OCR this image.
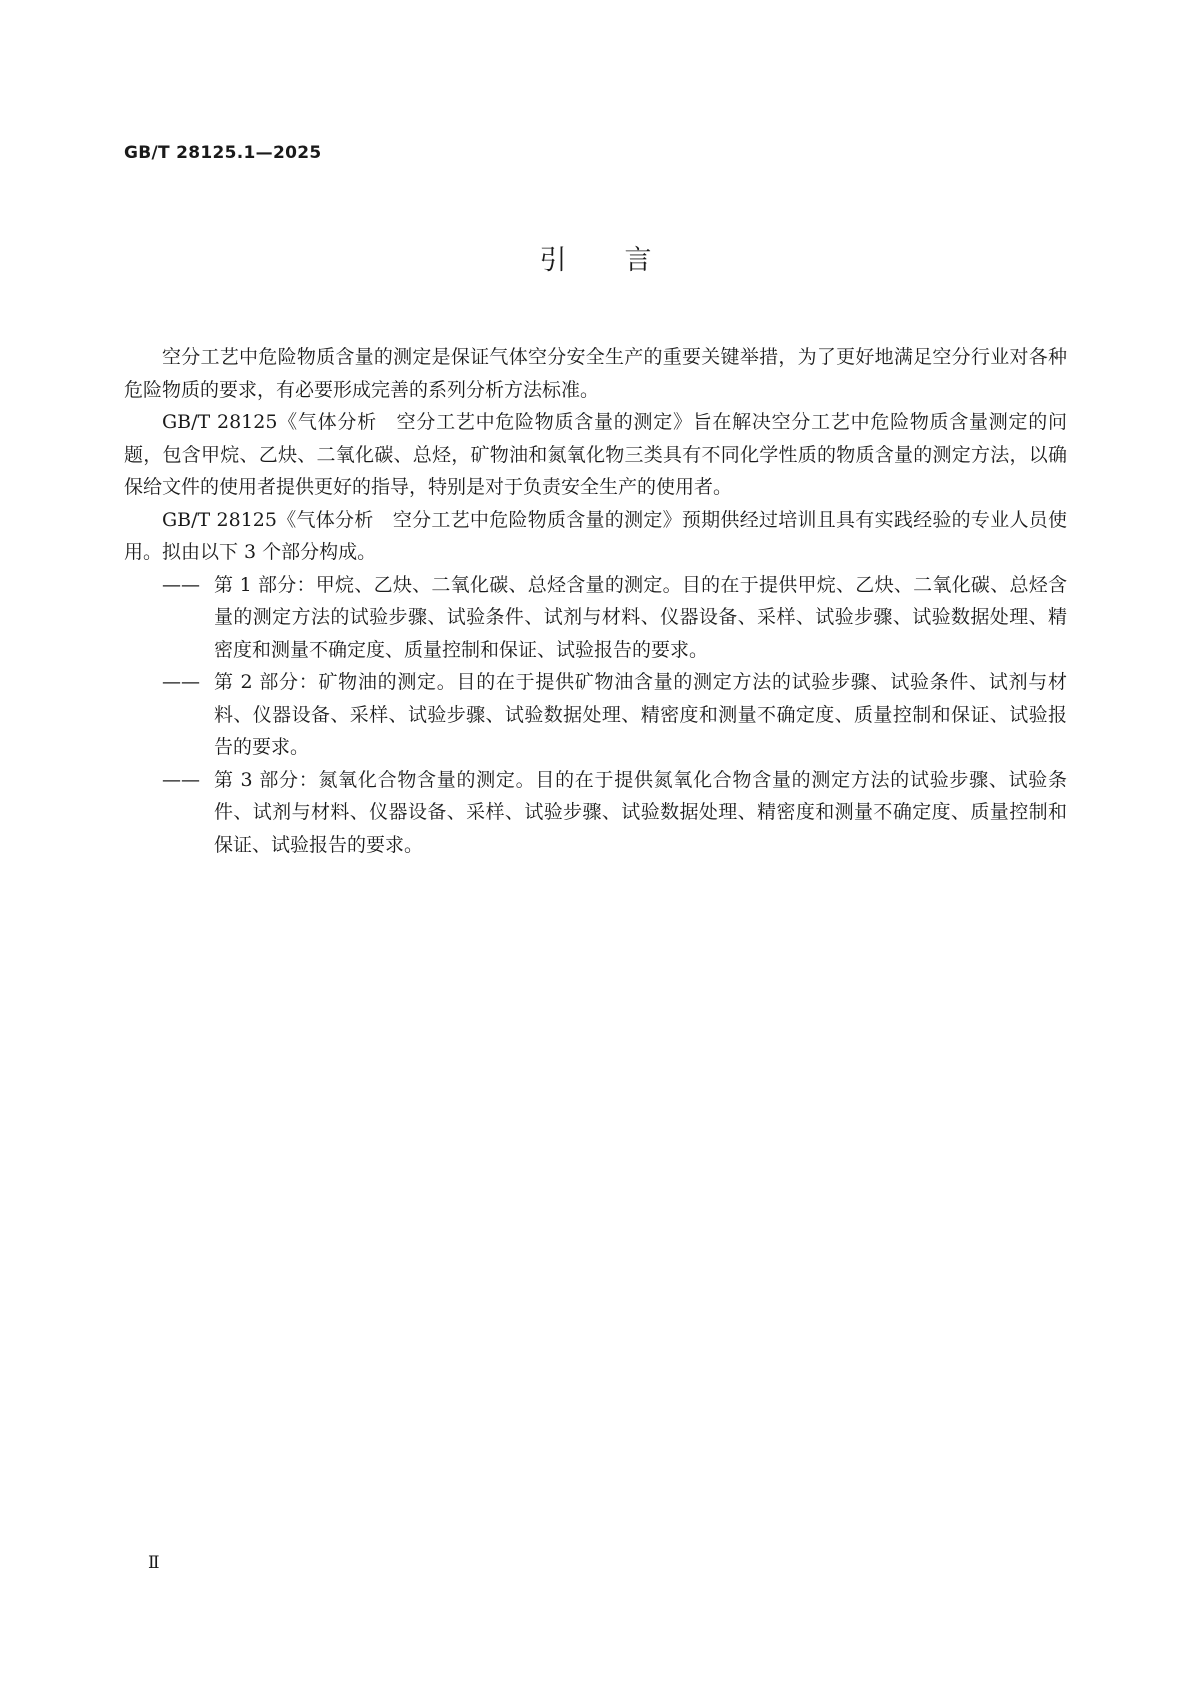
GB/T 28125.1—2025
引 言

空分工艺中危险物质含量的测定是保证气体空分安全生产的重要关键举措，为了更好地满足空分行业对各种危险物质的要求，有必要形成完善的系列分析方法标准。

GB/T 28125《气体分析　空分工艺中危险物质含量的测定》旨在解决空分工艺中危险物质含量测定的问题，包含甲烷、乙炔、二氧化碳、总烃，矿物油和氮氧化物三类具有不同化学性质的物质含量的测定方法，以确保给文件的使用者提供更好的指导，特别是对于负责安全生产的使用者。

GB/T 28125《气体分析　空分工艺中危险物质含量的测定》预期供经过培训且具有实践经验的专业人员使用。拟由以下 3 个部分构成。

—— 第 1 部分：甲烷、乙炔、二氧化碳、总烃含量的测定。目的在于提供甲烷、乙炔、二氧化碳、总烃含量的测定方法的试验步骤、试验条件、试剂与材料、仪器设备、采样、试验步骤、试验数据处理、精密度和测量不确定度、质量控制和保证、试验报告的要求。
—— 第 2 部分：矿物油的测定。目的在于提供矿物油含量的测定方法的试验步骤、试验条件、试剂与材料、仪器设备、采样、试验步骤、试验数据处理、精密度和测量不确定度、质量控制和保证、试验报告的要求。
—— 第 3 部分：氮氧化合物含量的测定。目的在于提供氮氧化合物含量的测定方法的试验步骤、试验条件、试剂与材料、仪器设备、采样、试验步骤、试验数据处理、精密度和测量不确定度、质量控制和保证、试验报告的要求。
Ⅱ
